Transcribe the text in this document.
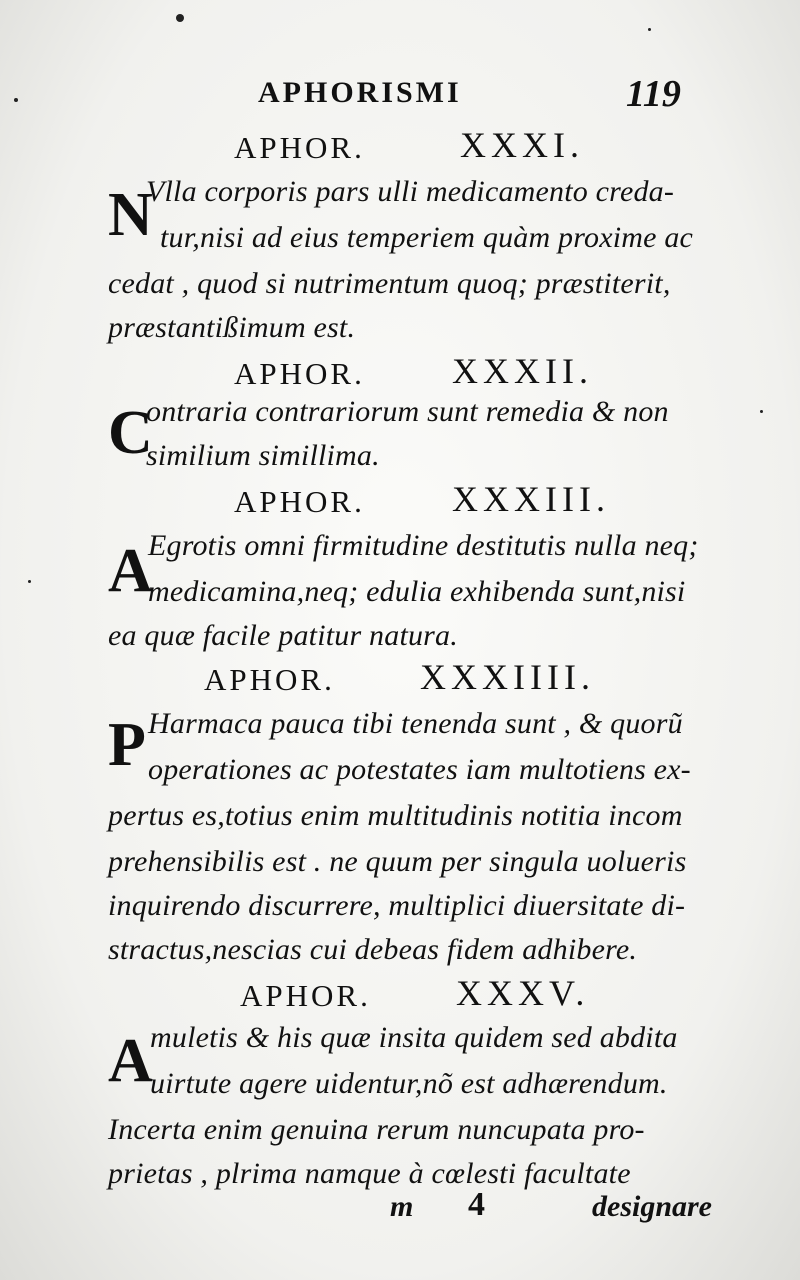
APHORISMI	119
APHOR.	XXXI.
N
Vlla corporis pars ulli medicamento creda-
tur,nisi ad eius temperiem quàm proxime ac
cedat , quod si nutrimentum quoq; præstiterit,
præstantißimum est.
APHOR. XXXII.
C
ontraria contrariorum sunt remedia & non
similium simillima.
APHOR. XXXIII.
A
Egrotis omni firmitudine destitutis nulla neq;
medicamina,neq; edulia exhibenda sunt,nisi
ea quæ facile patitur natura.
APHOR. XXXIIII.
P Harmaca pauca tibi tenenda sunt , & quorũ
operationes ac potestates iam multotiens ex-
pertus es,totius enim multitudinis notitia incom
prehensibilis est . ne quum per singula uolueris
inquirendo discurrere, multiplici diuersitate di-
stractus,nescias cui debeas fidem adhibere.
APHOR. XXXV.
A
muletis & his quæ insita quidem sed abdita
uirtute agere uidentur,nõ est adhærendum.
Incerta enim genuina rerum nuncupata pro-
prietas , plrima namque à cœlesti facultate
m 4	designare
